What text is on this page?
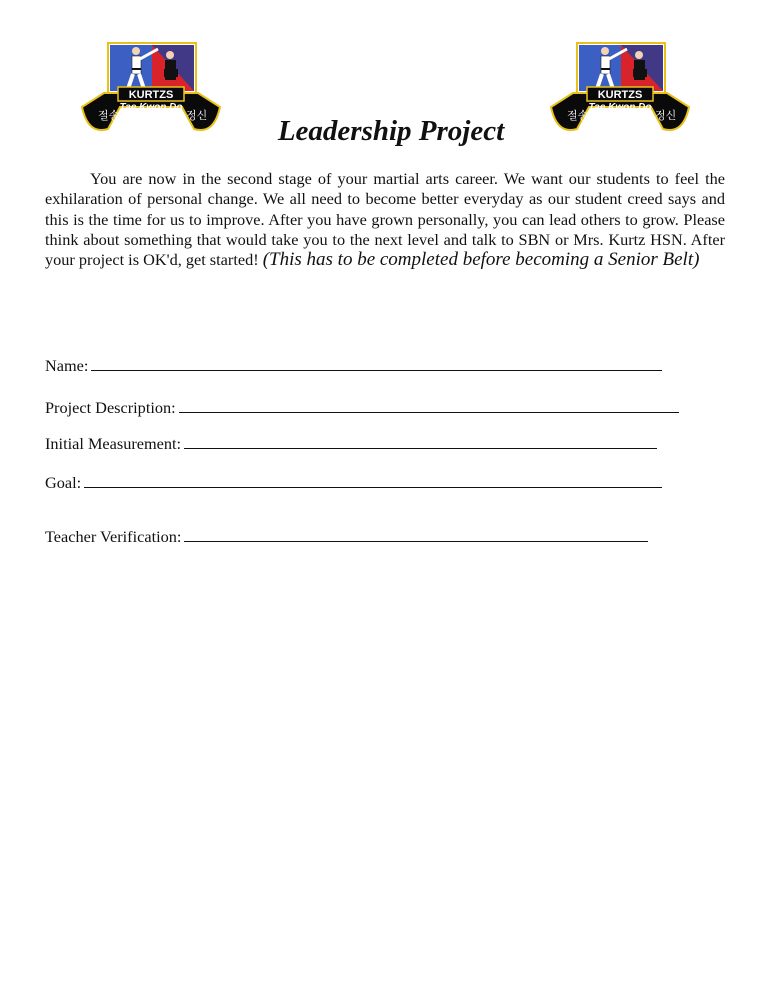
KURTZS
Tae Kwon Do
절송	정신
KURTZS
Tae Kwon Do
절송	정신
Leadership Project

You are now in the second stage of your martial arts career. We want our students to feel the exhilaration of personal change. We all need to become better everyday as our student creed says and this is the time for us to improve. After you have grown personally, you can lead others to grow. Please think about something that would take you to the next level and talk to SBN or Mrs. Kurtz HSN. After your project is OK'd, get started! (This has to be completed before becoming a Senior Belt)

Name:
Project Description:
Initial Measurement:
Goal:
Teacher Verification:
